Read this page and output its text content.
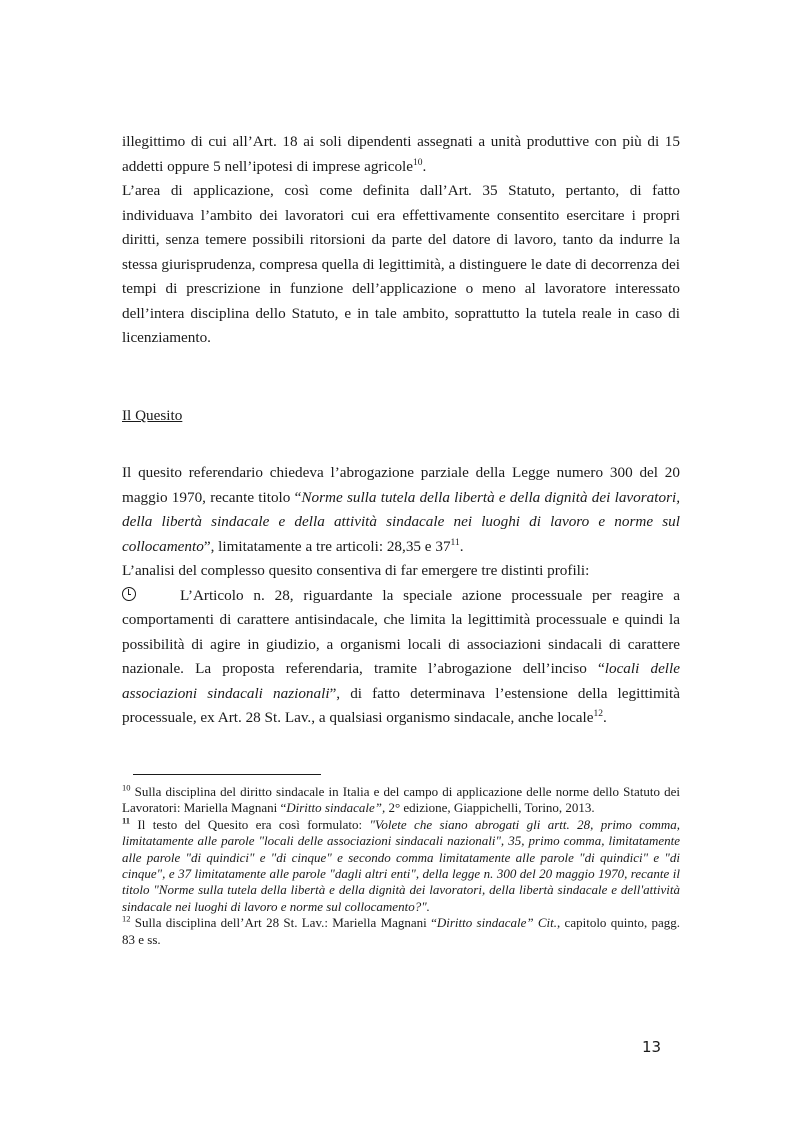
illegittimo di cui all’Art. 18 ai soli dipendenti assegnati a unità produttive con più di 15 addetti oppure 5 nell’ipotesi di imprese agricole$^{10}$.

L’area di applicazione, così come definita dall’Art. 35 Statuto, pertanto, di fatto individuava l’ambito dei lavoratori cui era effettivamente consentito esercitare i propri diritti, senza temere possibili ritorsioni da parte del datore di lavoro, tanto da indurre la stessa giurisprudenza, compresa quella di legittimità, a distinguere le date di decorrenza dei tempi di prescrizione in funzione dell’applicazione o meno al lavoratore interessato dell’intera disciplina dello Statuto, e in tale ambito, soprattutto la tutela reale in caso di licenziamento.

Il Quesito

Il quesito referendario chiedeva l’abrogazione parziale della Legge numero 300 del 20 maggio 1970, recante titolo “Norme sulla tutela della libertà e della dignità dei lavoratori, della libertà sindacale e della attività sindacale nei luoghi di lavoro e norme sul collocamento”, limitatamente a tre articoli: 28,35 e $37^{11}$.

L’analisi del complesso quesito consentiva di far emergere tre distinti profili:

L’Articolo n. 28, riguardante la speciale azione processuale per reagire a comportamenti di carattere antisindacale, che limita la legittimità processuale e quindi la possibilità di agire in giudizio, a organismi locali di associazioni sindacali di carattere nazionale. La proposta referendaria, tramite l’abrogazione dell’inciso “locali delle associazioni sindacali nazionali”, di fatto determinava l’estensione della legittimità processuale, ex Art. 28 St. Lav., a qualsiasi organismo sindacale, anche locale$^{12}$.

$^{10}$ Sulla disciplina del diritto sindacale in Italia e del campo di applicazione delle norme dello Statuto dei Lavoratori: Mariella Magnani “Diritto sindacale”, 2° edizione, Giappichelli, Torino, 2013.

$^{11}$ Il testo del Quesito era così formulato: "Volete che siano abrogati gli artt. 28, primo comma, limitatamente alle parole "locali delle associazioni sindacali nazionali", 35, primo comma, limitatamente alle parole "di quindici" e "di cinque" e secondo comma limitatamente alle parole "di quindici" e "di cinque", e 37 limitatamente alle parole "dagli altri enti", della legge n. 300 del 20 maggio 1970, recante il titolo "Norme sulla tutela della libertà e della dignità dei lavoratori, della libertà sindacale e dell'attività sindacale nei luoghi di lavoro e norme sul collocamento?".

$^{12}$ Sulla disciplina dell’Art 28 St. Lav.: Mariella Magnani “Diritto sindacale” Cit., capitolo quinto, pagg. 83 e ss.

13
